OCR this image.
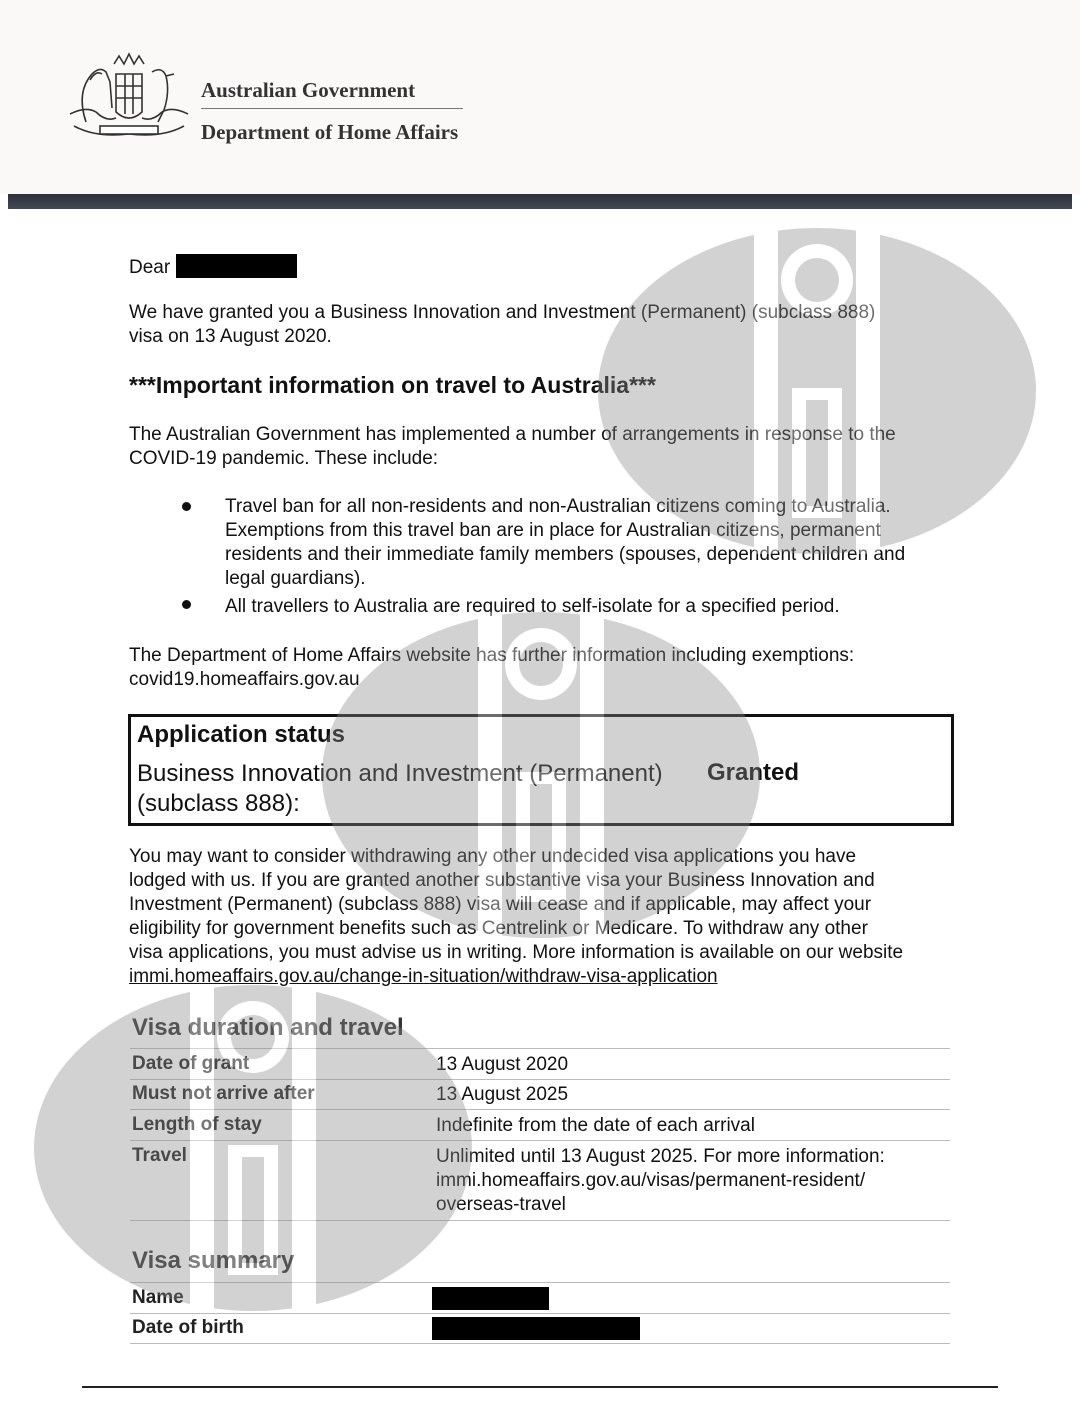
Australian Government
Department of Home Affairs
Dear
We have granted you a Business Innovation and Investment (Permanent) (subclass 888)
visa on 13 August 2020.
***Important information on travel to Australia***
The Australian Government has implemented a number of arrangements in response to the
COVID-19 pandemic. These include:
Travel ban for all non-residents and non-Australian citizens coming to Australia.
Exemptions from this travel ban are in place for Australian citizens, permanent
residents and their immediate family members (spouses, dependent children and
legal guardians).
All travellers to Australia are required to self-isolate for a specified period.
The Department of Home Affairs website has further information including exemptions:
covid19.homeaffairs.gov.au
Application status
Business Innovation and Investment (Permanent)
(subclass 888):
Granted
You may want to consider withdrawing any other undecided visa applications you have
lodged with us. If you are granted another substantive visa your Business Innovation and
Investment (Permanent) (subclass 888) visa will cease and if applicable, may affect your
eligibility for government benefits such as Centrelink or Medicare. To withdraw any other
visa applications, you must advise us in writing. More information is available on our website
immi.homeaffairs.gov.au/change-in-situation/withdraw-visa-application
Visa duration and travel
Date of grant	13 August 2020
Must not arrive after	13 August 2025
Length of stay	Indefinite from the date of each arrival
Travel	Unlimited until 13 August 2025. For more information:
immi.homeaffairs.gov.au/visas/permanent-resident/
overseas-travel
Visa summary
Name
Date of birth
